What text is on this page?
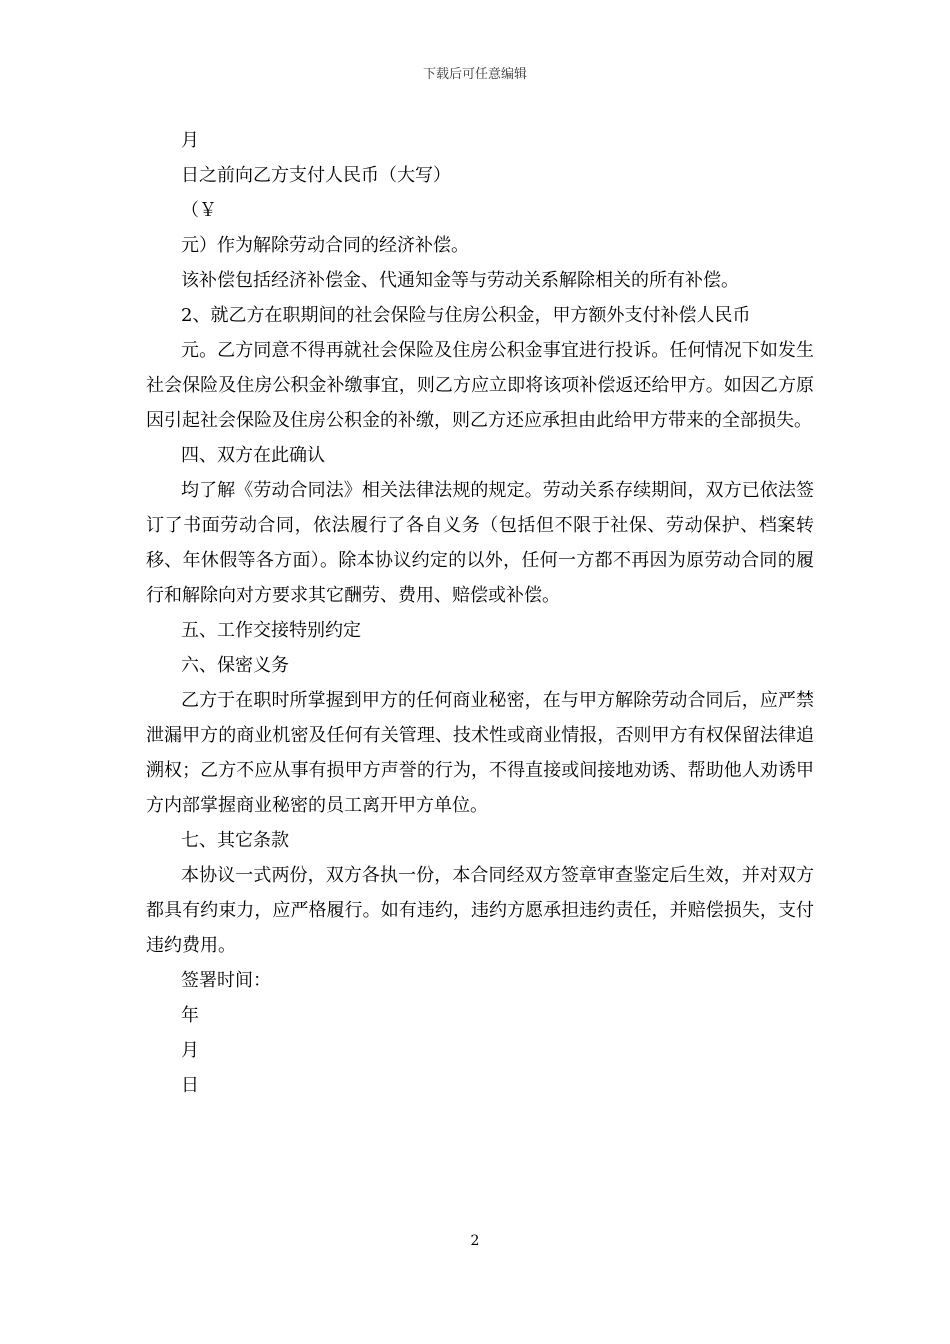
下载后可任意编辑

月

日之前向乙方支付人民币（大写）

（￥

元）作为解除劳动合同的经济补偿。

该补偿包括经济补偿金、代通知金等与劳动关系解除相关的所有补偿。

2、就乙方在职期间的社会保险与住房公积金，甲方额外支付补偿人民币

元。乙方同意不得再就社会保险及住房公积金事宜进行投诉。任何情况下如发生社会保险及住房公积金补缴事宜，则乙方应立即将该项补偿返还给甲方。如因乙方原因引起社会保险及住房公积金的补缴，则乙方还应承担由此给甲方带来的全部损失。

四、双方在此确认

均了解《劳动合同法》相关法律法规的规定。劳动关系存续期间，双方已依法签订了书面劳动合同，依法履行了各自义务（包括但不限于社保、劳动保护、档案转移、年休假等各方面）。除本协议约定的以外，任何一方都不再因为原劳动合同的履行和解除向对方要求其它酬劳、费用、赔偿或补偿。

五、工作交接特别约定

六、保密义务

乙方于在职时所掌握到甲方的任何商业秘密，在与甲方解除劳动合同后，应严禁泄漏甲方的商业机密及任何有关管理、技术性或商业情报，否则甲方有权保留法律追溯权；乙方不应从事有损甲方声誉的行为，不得直接或间接地劝诱、帮助他人劝诱甲方内部掌握商业秘密的员工离开甲方单位。

七、其它条款

本协议一式两份，双方各执一份，本合同经双方签章审查鉴定后生效，并对双方都具有约束力，应严格履行。如有违约，违约方愿承担违约责任，并赔偿损失，支付违约费用。

签署时间：

年

月

日

2
